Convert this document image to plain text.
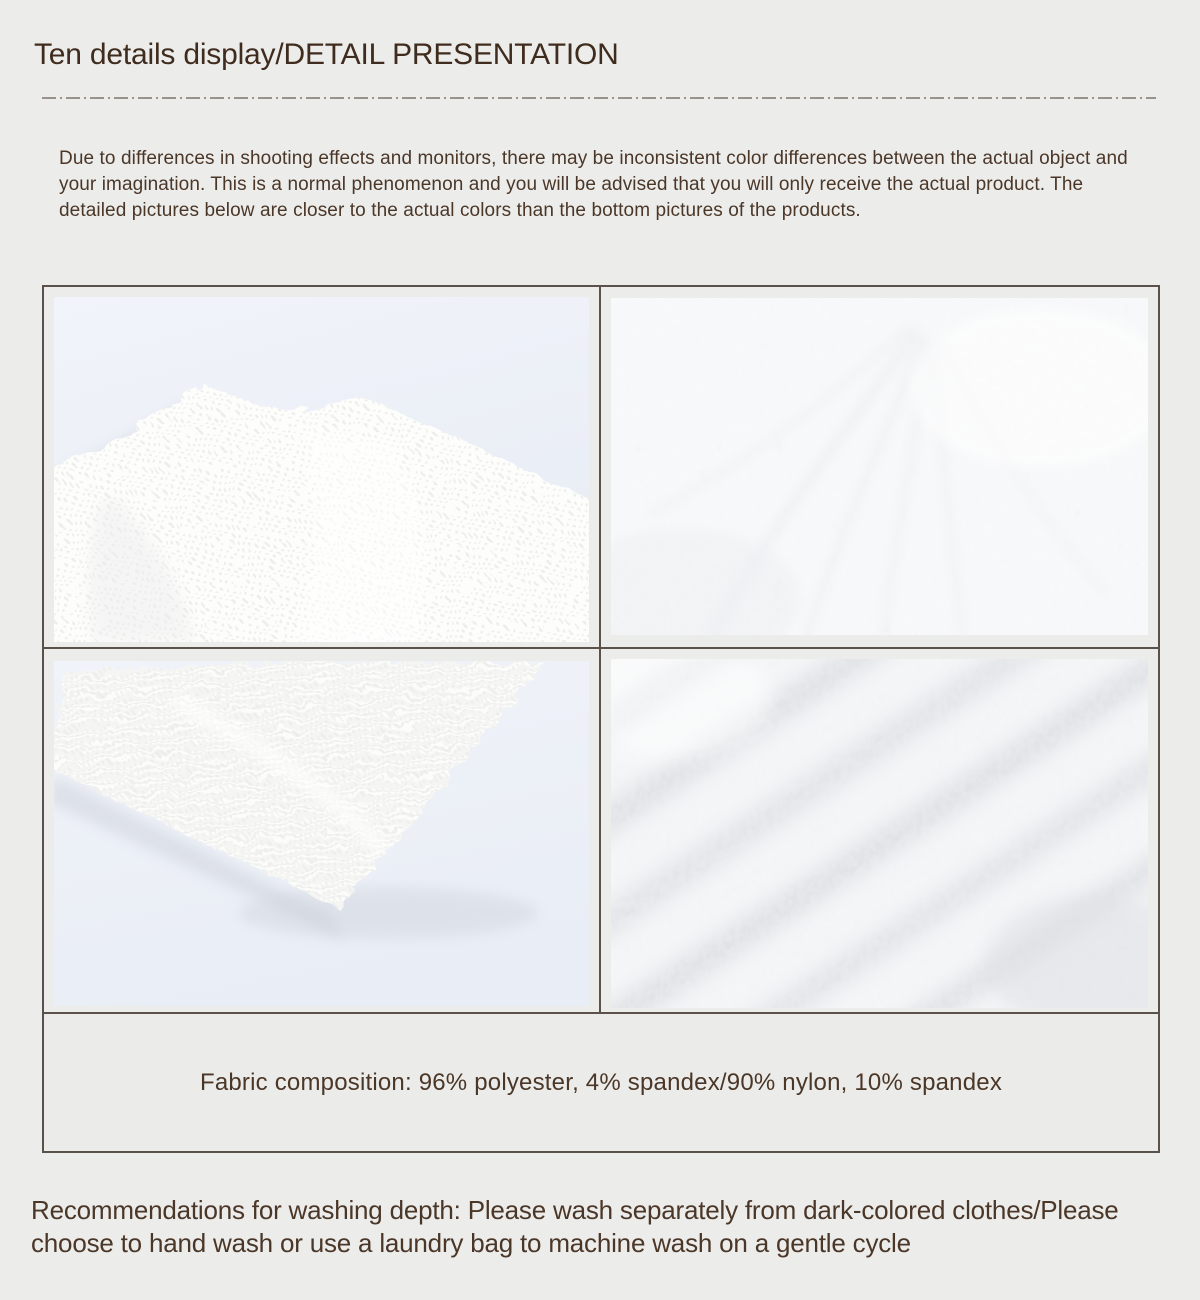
Ten details display/DETAIL PRESENTATION

Due to differences in shooting effects and monitors, there may be inconsistent color differences between the actual object and your imagination. This is a normal phenomenon and you will be advised that you will only receive the actual product. The detailed pictures below are closer to the actual colors than the bottom pictures of the products.

Fabric composition: 96% polyester, 4% spandex/90% nylon, 10% spandex

Recommendations for washing depth: Please wash separately from dark-colored clothes/Please choose to hand wash or use a laundry bag to machine wash on a gentle cycle
